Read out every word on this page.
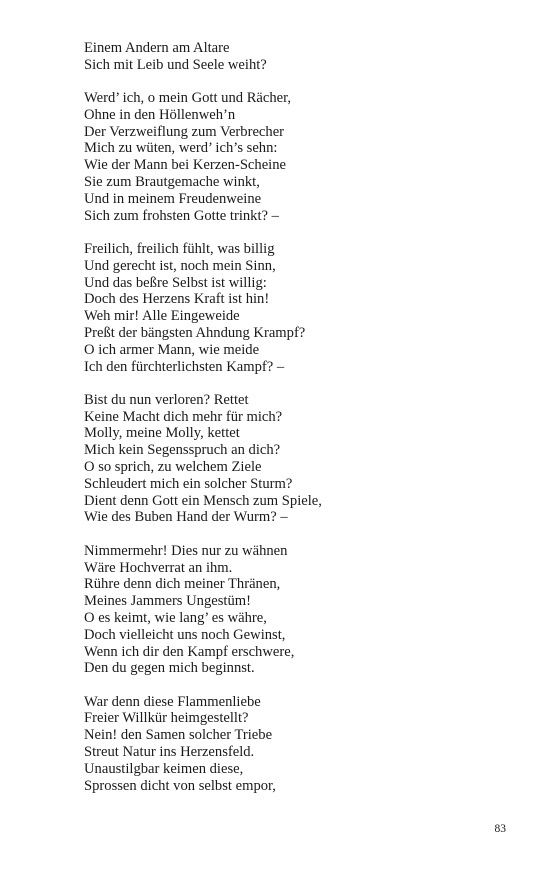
Einem Andern am Altare
Sich mit Leib und Seele weiht?
Werd’ ich, o mein Gott und Rächer,
Ohne in den Höllenweh’n
Der Verzweiflung zum Verbrecher
Mich zu wüten, werd’ ich’s sehn:
Wie der Mann bei Kerzen-Scheine
Sie zum Brautgemache winkt,
Und in meinem Freudenweine
Sich zum frohsten Gotte trinkt? –
Freilich, freilich fühlt, was billig
Und gerecht ist, noch mein Sinn,
Und das beßre Selbst ist willig:
Doch des Herzens Kraft ist hin!
Weh mir! Alle Eingeweide
Preßt der bängsten Ahndung Krampf?
O ich armer Mann, wie meide
Ich den fürchterlichsten Kampf? –
Bist du nun verloren? Rettet
Keine Macht dich mehr für mich?
Molly, meine Molly, kettet
Mich kein Segensspruch an dich?
O so sprich, zu welchem Ziele
Schleudert mich ein solcher Sturm?
Dient denn Gott ein Mensch zum Spiele,
Wie des Buben Hand der Wurm? –
Nimmermehr! Dies nur zu wähnen
Wäre Hochverrat an ihm.
Rühre denn dich meiner Thränen,
Meines Jammers Ungestüm!
O es keimt, wie lang’ es währe,
Doch vielleicht uns noch Gewinst,
Wenn ich dir den Kampf erschwere,
Den du gegen mich beginnst.
War denn diese Flammenliebe
Freier Willkür heimgestellt?
Nein! den Samen solcher Triebe
Streut Natur ins Herzensfeld.
Unaustilgbar keimen diese,
Sprossen dicht von selbst empor,
83
